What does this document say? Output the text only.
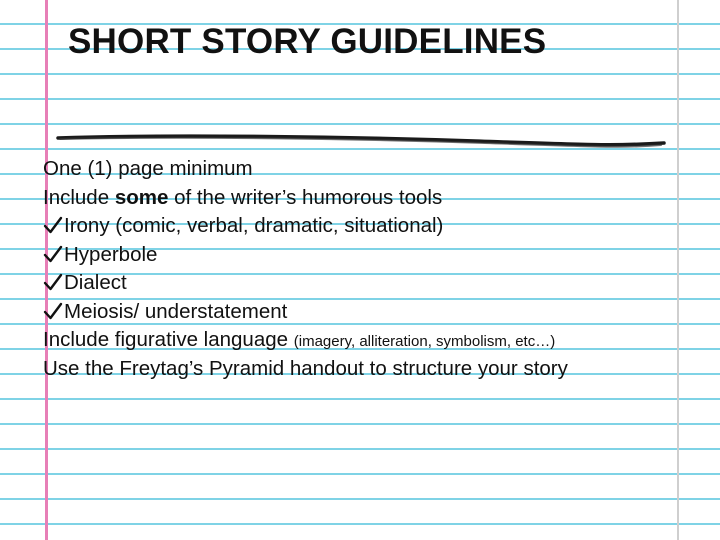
SHORT STORY GUIDELINES
One (1) page minimum
Include some of the writer’s humorous tools
Irony (comic, verbal, dramatic, situational)
Hyperbole
Dialect
Meiosis/ understatement
Include figurative language (imagery, alliteration, symbolism, etc…)
Use the Freytag’s Pyramid handout to structure your story
